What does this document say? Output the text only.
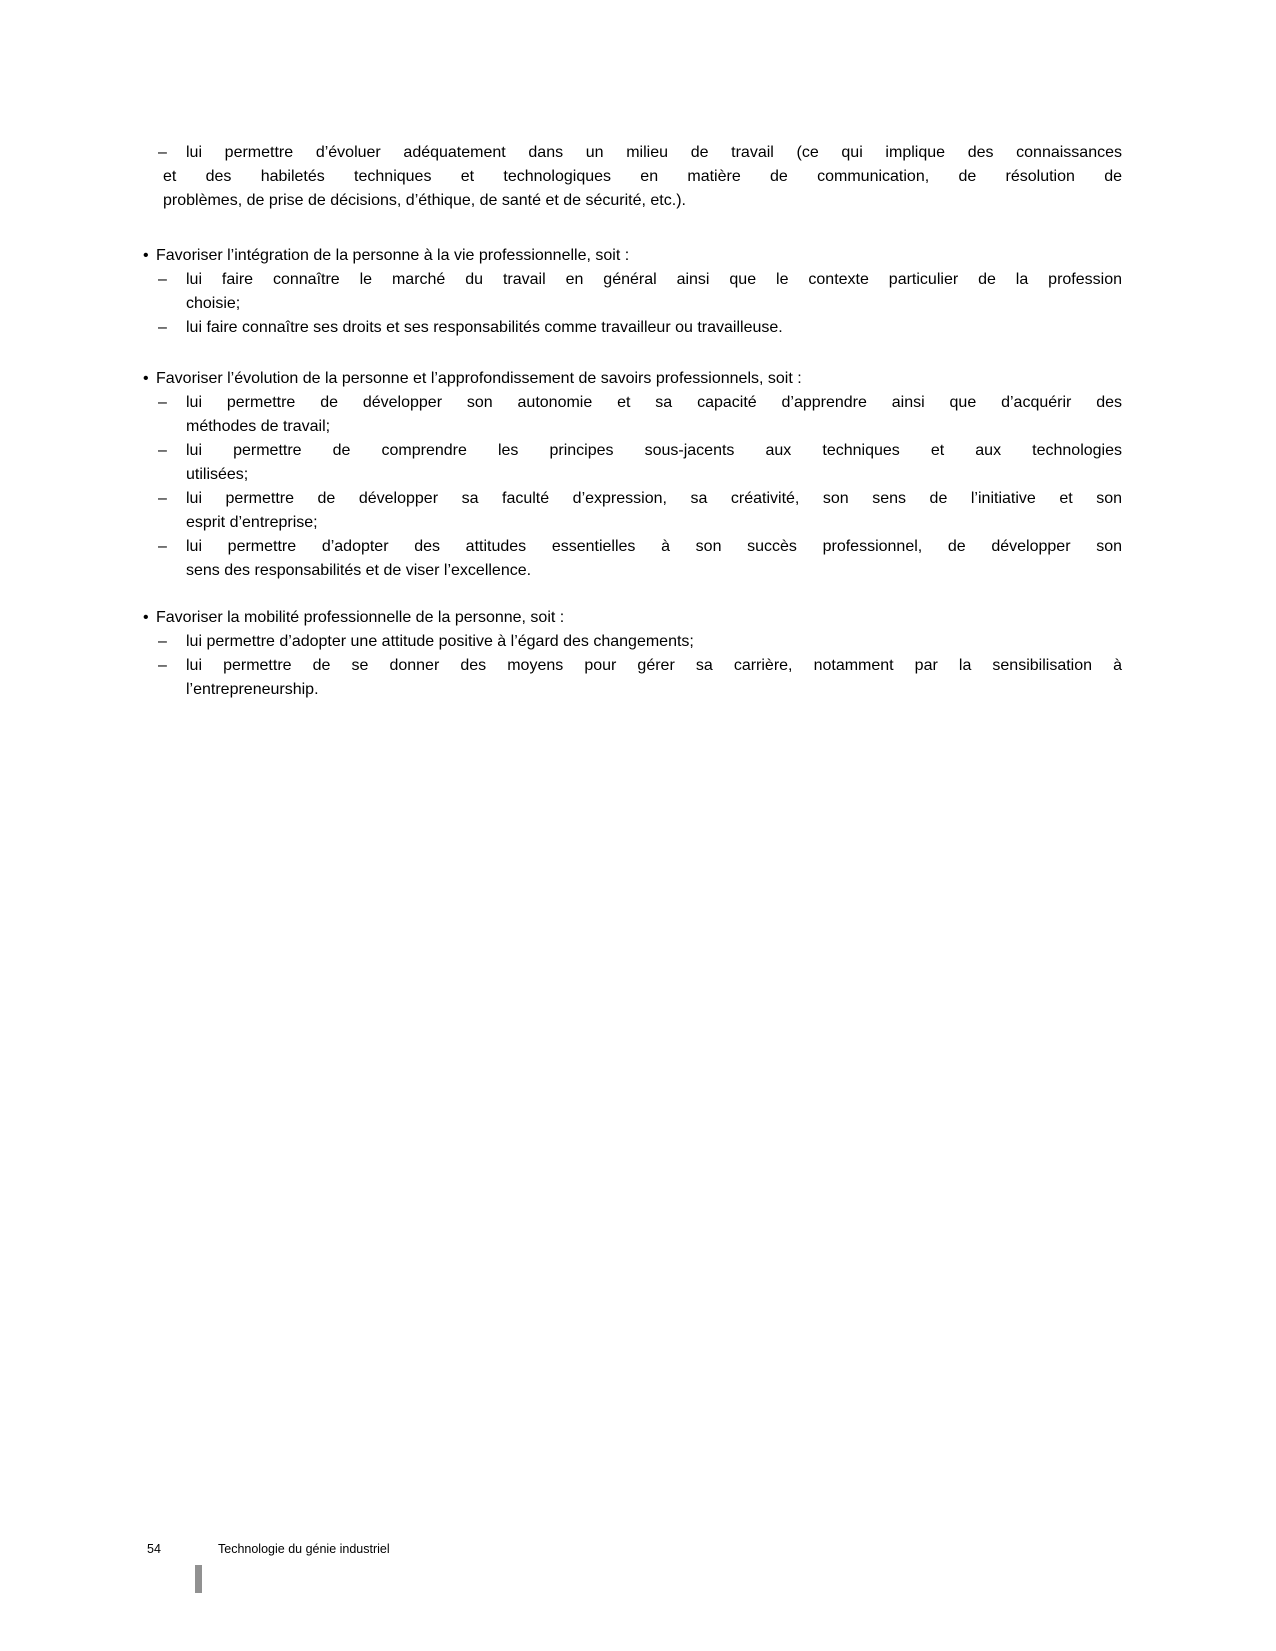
–	lui permettre d’évoluer adéquatement dans un milieu de travail (ce qui implique des connaissances
et des habiletés techniques et technologiques en matière de communication, de résolution de
problèmes, de prise de décisions, d’éthique, de santé et de sécurité, etc.).
• Favoriser l’intégration de la personne à la vie professionnelle, soit :
–	lui faire connaître le marché du travail en général ainsi que le contexte particulier de la profession
choisie;
–	lui faire connaître ses droits et ses responsabilités comme travailleur ou travailleuse.
• Favoriser l’évolution de la personne et l’approfondissement de savoirs professionnels, soit :
–	lui permettre de développer son autonomie et sa capacité d’apprendre ainsi que d’acquérir des
méthodes de travail;
–	lui permettre de comprendre les principes sous-jacents aux techniques et aux technologies
utilisées;
–	lui permettre de développer sa faculté d’expression, sa créativité, son sens de l’initiative et son
esprit d’entreprise;
–	lui permettre d’adopter des attitudes essentielles à son succès professionnel, de développer son
sens des responsabilités et de viser l’excellence.
• Favoriser la mobilité professionnelle de la personne, soit :
–	lui permettre d’adopter une attitude positive à l’égard des changements;
–	lui permettre de se donner des moyens pour gérer sa carrière, notamment par la sensibilisation à
l’entrepreneurship.
54	Technologie du génie industriel
